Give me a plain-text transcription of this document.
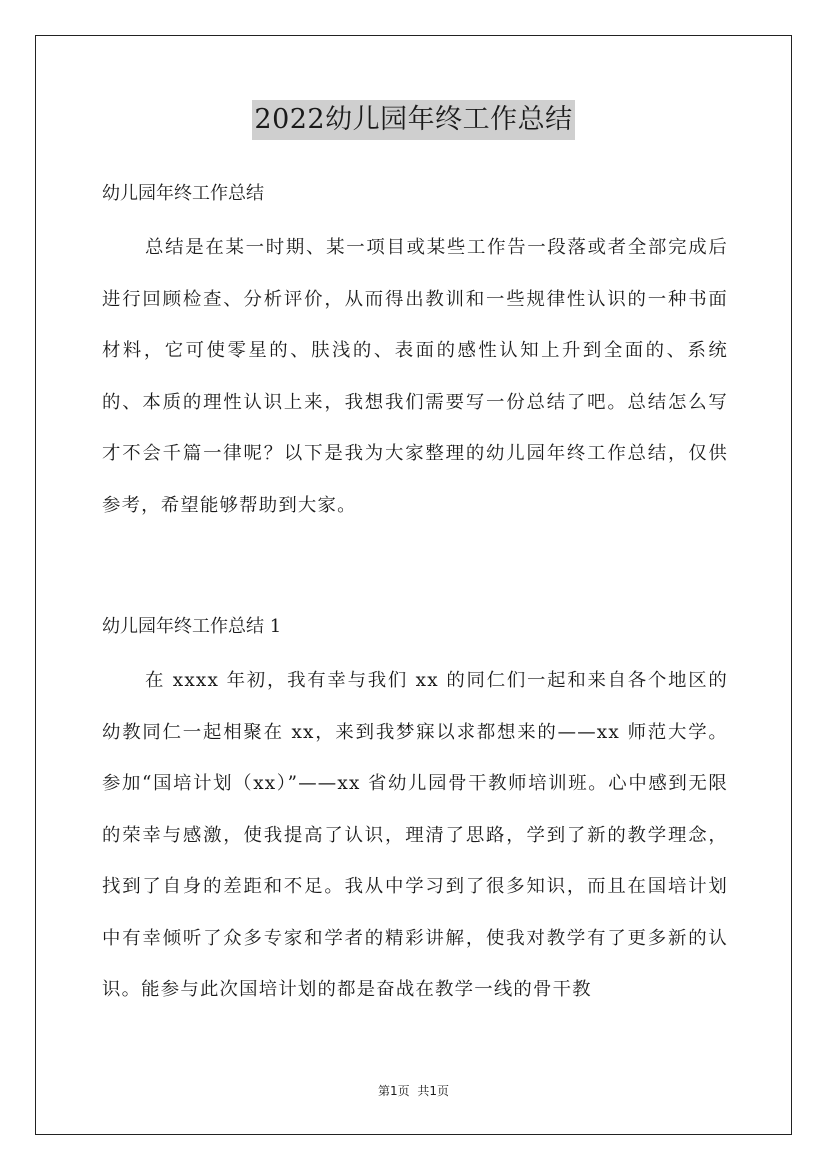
2022幼儿园年终工作总结
幼儿园年终工作总结

总结是在某一时期、某一项目或某些工作告一段落或者全部完成后进行回顾检查、分析评价，从而得出教训和一些规律性认识的一种书面材料，它可使零星的、肤浅的、表面的感性认知上升到全面的、系统的、本质的理性认识上来，我想我们需要写一份总结了吧。总结怎么写才不会千篇一律呢？以下是我为大家整理的幼儿园年终工作总结，仅供参考，希望能够帮助到大家。

幼儿园年终工作总结 1

在 xxxx 年初，我有幸与我们 xx 的同仁们一起和来自各个地区的幼教同仁一起相聚在 xx，来到我梦寐以求都想来的——xx 师范大学。参加“国培计划（xx）”——xx 省幼儿园骨干教师培训班。心中感到无限的荣幸与感激，使我提高了认识，理清了思路，学到了新的教学理念，找到了自身的差距和不足。我从中学习到了很多知识，而且在国培计划中有幸倾听了众多专家和学者的精彩讲解，使我对教学有了更多新的认识。能参与此次国培计划的都是奋战在教学一线的骨干教

第1页 共1页
